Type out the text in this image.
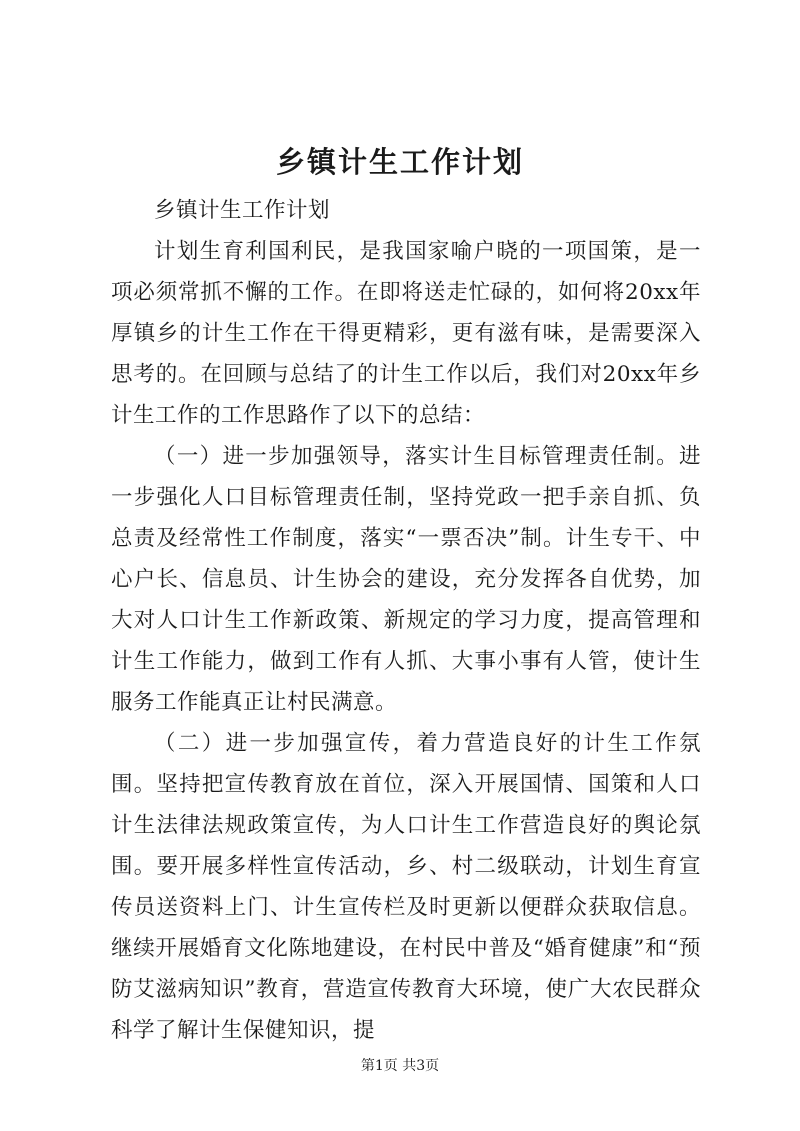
乡镇计生工作计划

乡镇计生工作计划

计划生育利国利民，是我国家喻户晓的一项国策，是一项必须常抓不懈的工作。在即将送走忙碌的，如何将20xx年厚镇乡的计生工作在干得更精彩，更有滋有味，是需要深入思考的。在回顾与总结了的计生工作以后，我们对20xx年乡计生工作的工作思路作了以下的总结：

（一）进一步加强领导，落实计生目标管理责任制。进一步强化人口目标管理责任制，坚持党政一把手亲自抓、负总责及经常性工作制度，落实“一票否决”制。计生专干、中心户长、信息员、计生协会的建设，充分发挥各自优势，加大对人口计生工作新政策、新规定的学习力度，提高管理和计生工作能力，做到工作有人抓、大事小事有人管，使计生服务工作能真正让村民满意。

（二）进一步加强宣传，着力营造良好的计生工作氛围。坚持把宣传教育放在首位，深入开展国情、国策和人口计生法律法规政策宣传，为人口计生工作营造良好的舆论氛围。要开展多样性宣传活动，乡、村二级联动，计划生育宣传员送资料上门、计生宣传栏及时更新以便群众获取信息。继续开展婚育文化陈地建设，在村民中普及“婚育健康”和“预防艾滋病知识”教育，营造宣传教育大环境，使广大农民群众科学了解计生保健知识，提

第1页 共3页
